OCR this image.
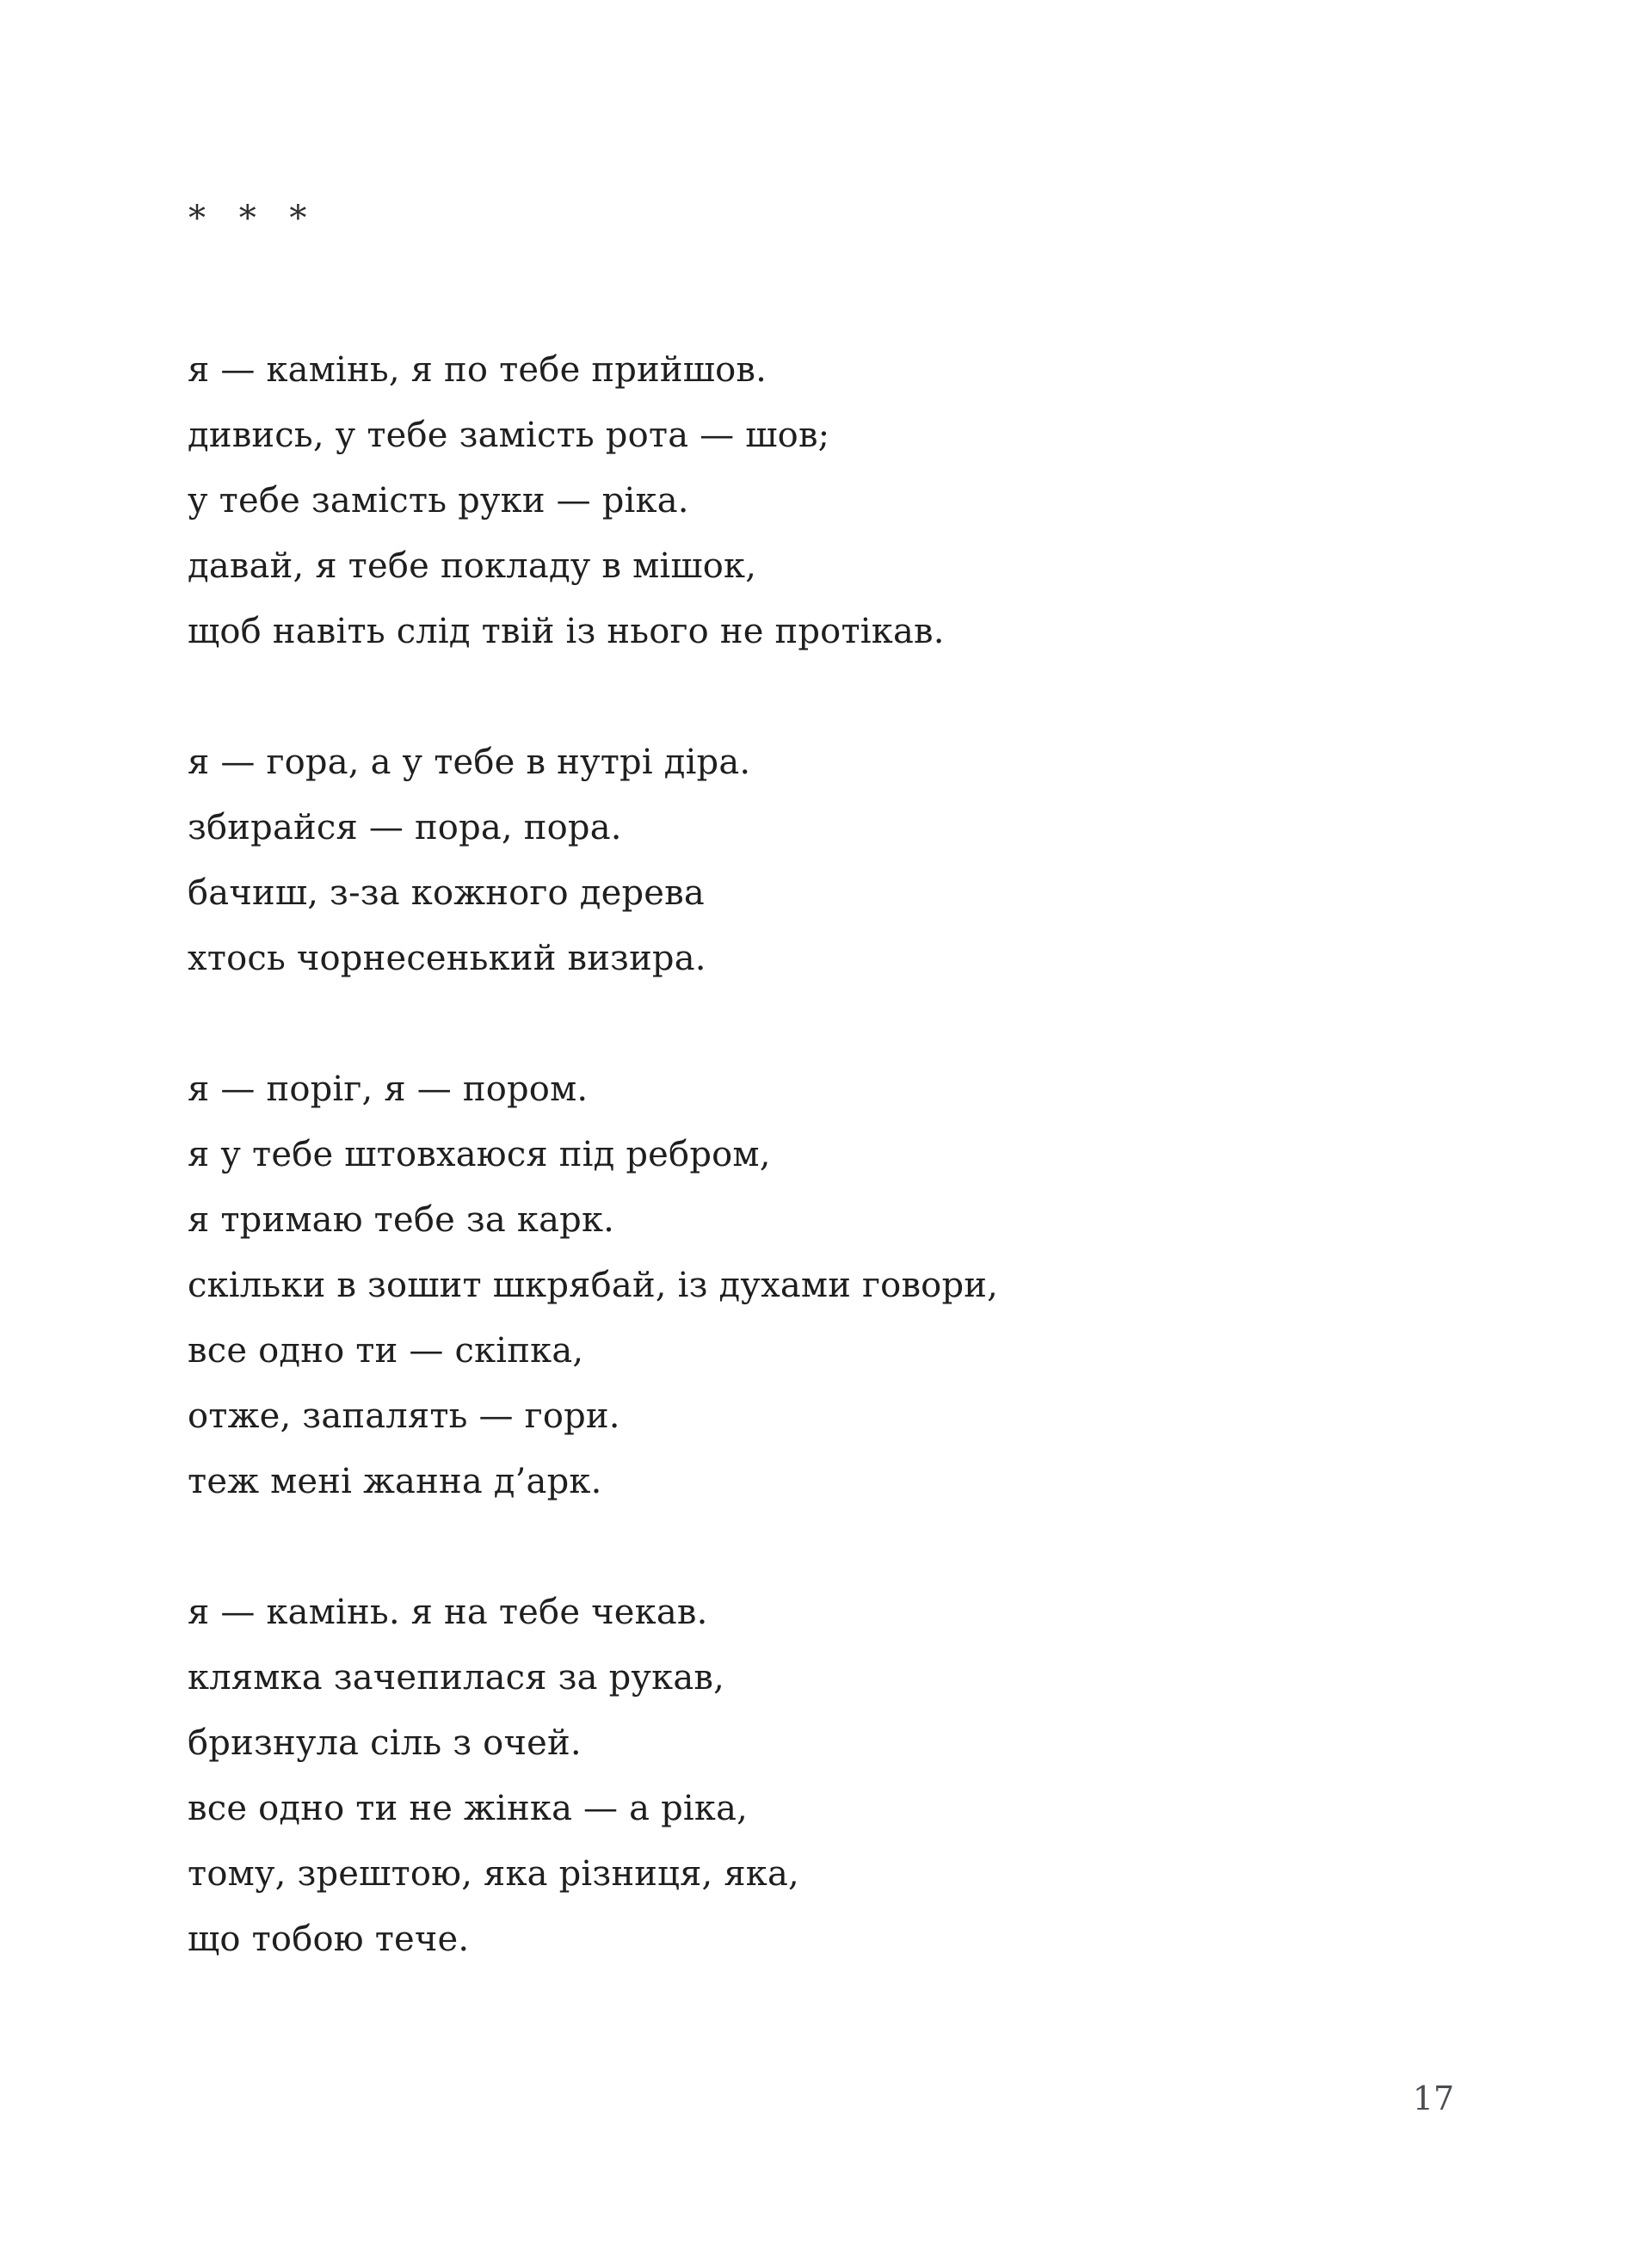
* * *
я — камінь, я по тебе прийшов.
дивись, у тебе замість рота — шов;
у тебе замість руки — ріка.
давай, я тебе покладу в мішок,
щоб навіть слід твій із нього не протікав.
я — гора, а у тебе в нутрі діра.
збирайся — пора, пора.
бачиш, з-за кожного дерева
хтось чорнесенький визира.
я — поріг, я — пором.
я у тебе штовхаюся під ребром,
я тримаю тебе за карк.
скільки в зошит шкрябай, із духами говори,
все одно ти — скіпка,
отже, запалять — гори.
теж мені жанна д’арк.
я — камінь. я на тебе чекав.
клямка зачепилася за рукав,
бризнула сіль з очей.
все одно ти не жінка — а ріка,
тому, зрештою, яка різниця, яка,
що тобою тече.
17
